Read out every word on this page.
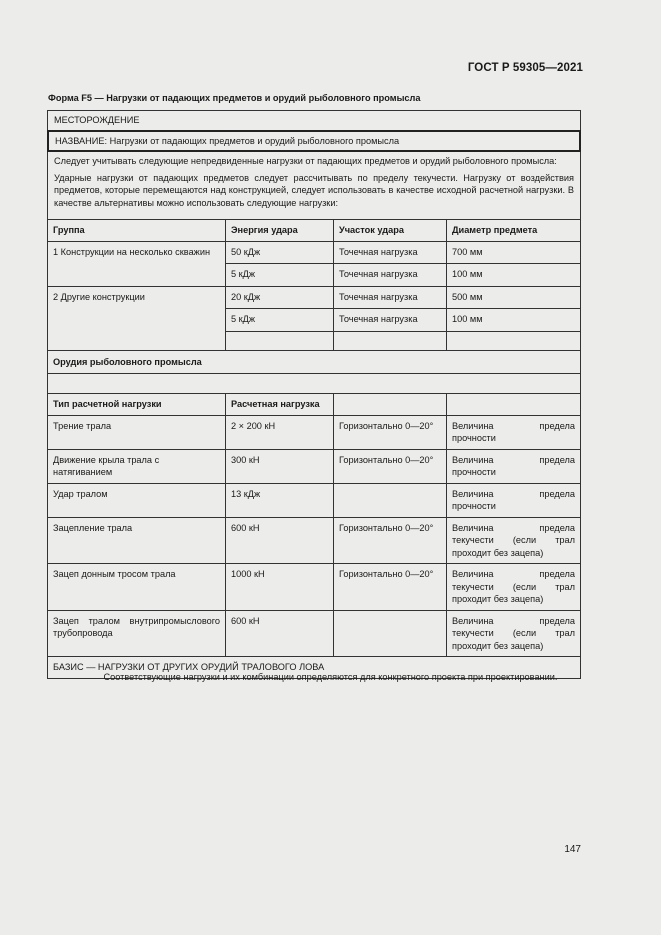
ГОСТ Р 59305—2021
Форма F5 — Нагрузки от падающих предметов и орудий рыболовного промысла
МЕСТОРОЖДЕНИЕ
НАЗВАНИЕ: Нагрузки от падающих предметов и орудий рыболовного промысла

Следует учитывать следующие непредвиденные нагрузки от падающих предметов и орудий рыболовного промысла:

Ударные нагрузки от падающих предметов следует рассчитывать по пределу текучести. Нагрузку от воздействия предметов, которые перемещаются над конструкцией, следует использовать в качестве исходной расчетной нагрузки. В качестве альтернативы можно использовать следующие нагрузки:

Группа	Энергия удара	Участок удара	Диаметр предмета
1 Конструкции на несколько скважин	50 кДж	Точечная нагрузка	700 мм
	5 кДж	Точечная нагрузка	100 мм
2 Другие конструкции	20 кДж	Точечная нагрузка	500 мм
	5 кДж	Точечная нагрузка	100 мм

Орудия рыболовного промысла			

Тип расчетной нагрузки	Расчетная нагрузка		
Трение трала	2 × 200 кН	Горизонтально 0—20°	Величина предела прочности
Движение крыла трала с натягиванием	300 кН	Горизонтально 0—20°	Величина предела прочности
Удар тралом	13 кДж		Величина предела прочности
Зацепление трала	600 кН	Горизонтально 0—20°	Величина предела текучести (если трал проходит без зацепа)
Зацеп донным тросом трала	1000 кН	Горизонтально 0—20°	Величина предела текучести (если трал проходит без зацепа)
Зацеп тралом внутрипромыслового трубопровода	600 кН		Величина предела текучести (если трал проходит без зацепа)
БАЗИС — НАГРУЗКИ ОТ ДРУГИХ ОРУДИЙ ТРАЛОВОГО ЛОВА			
Соответствующие нагрузки и их комбинации определяются для конкретного проекта при проектировании.
147
